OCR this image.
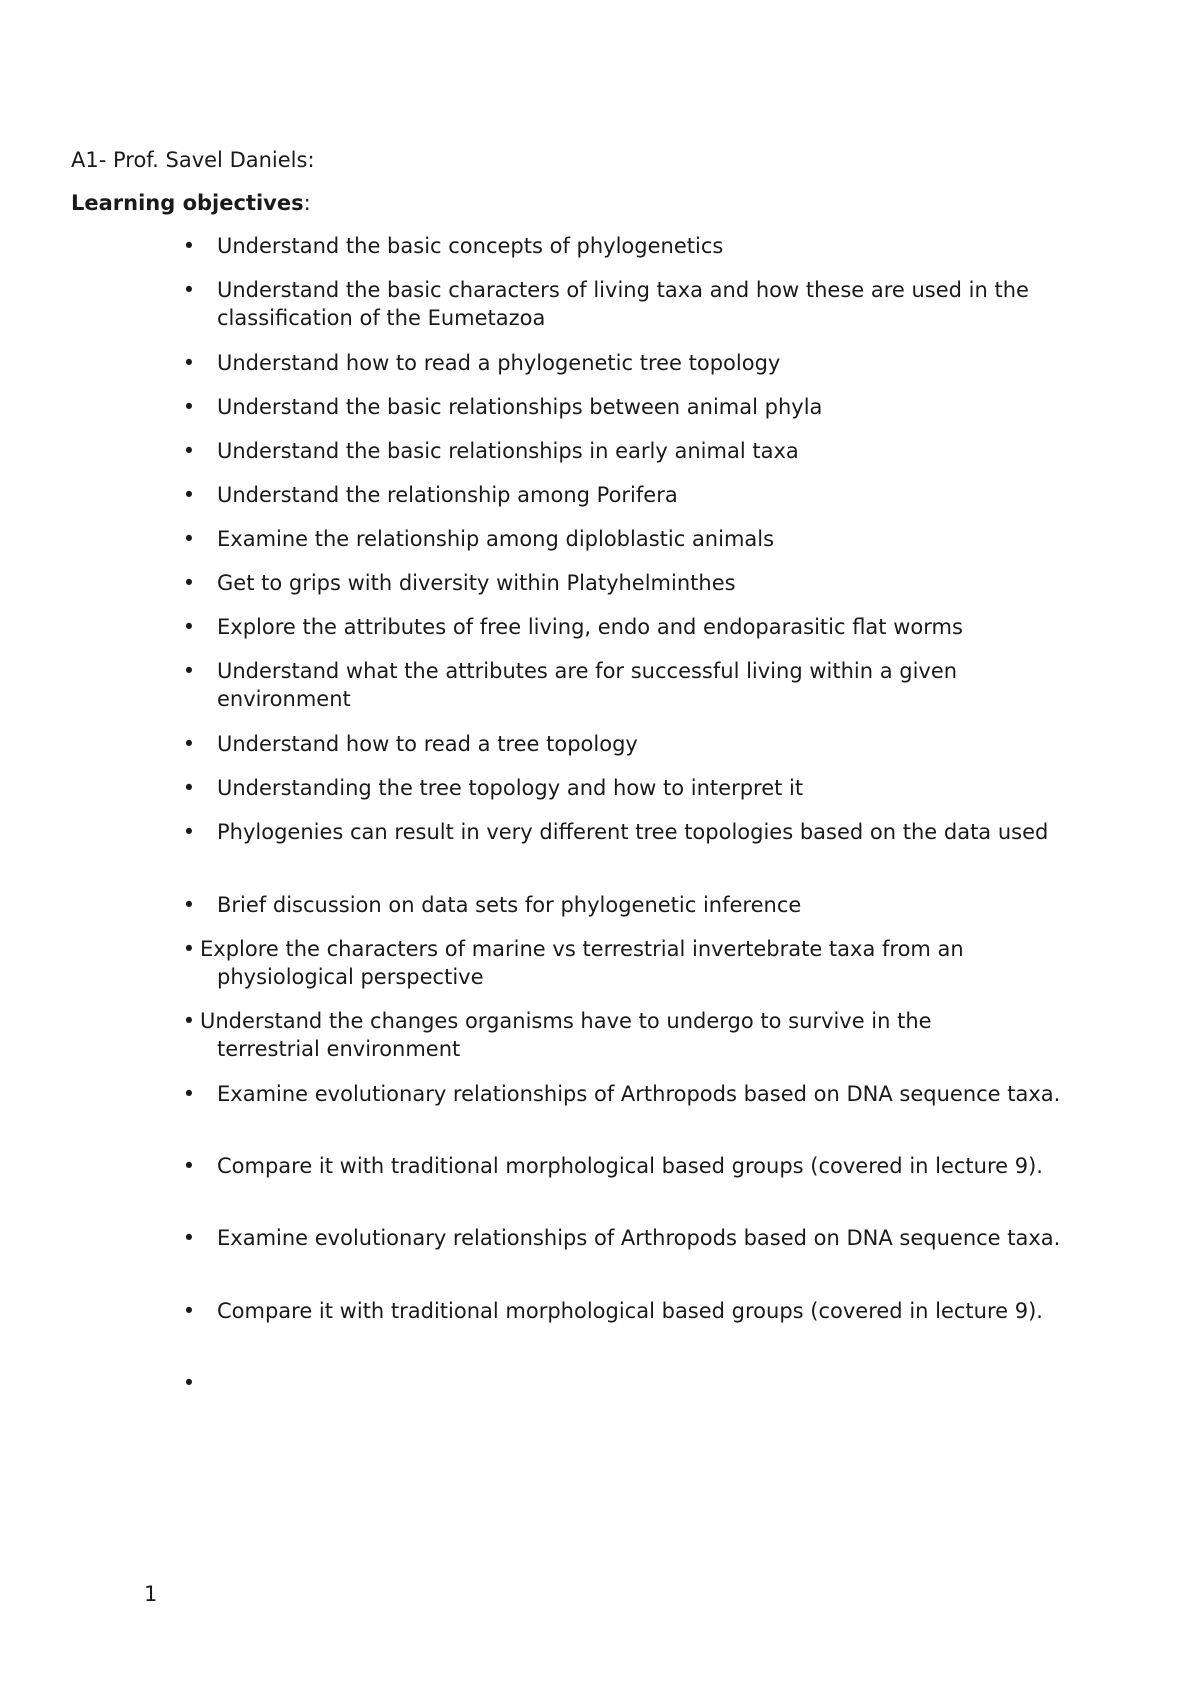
A1- Prof. Savel Daniels:
Learning objectives:
• Understand the basic concepts of phylogenetics
• Understand the basic characters of living taxa and how these are used in the classification of the Eumetazoa
• Understand how to read a phylogenetic tree topology
• Understand the basic relationships between animal phyla
• Understand the basic relationships in early animal taxa
• Understand the relationship among Porifera
• Examine the relationship among diploblastic animals
• Get to grips with diversity within Platyhelminthes
• Explore the attributes of free living, endo and endoparasitic flat worms
• Understand what the attributes are for successful living within a given environment
• Understand how to read a tree topology
• Understanding the tree topology and how to interpret it
• Phylogenies can result in very different tree topologies based on the data used
• Brief discussion on data sets for phylogenetic inference
• Explore the characters of marine vs terrestrial invertebrate taxa from an
physiological perspective
• Understand the changes organisms have to undergo to survive in the
terrestrial environment
• Examine evolutionary relationships of Arthropods based on DNA sequence taxa.
• Compare it with traditional morphological based groups (covered in lecture 9).
• Examine evolutionary relationships of Arthropods based on DNA sequence taxa.
• Compare it with traditional morphological based groups (covered in lecture 9).
•
1
